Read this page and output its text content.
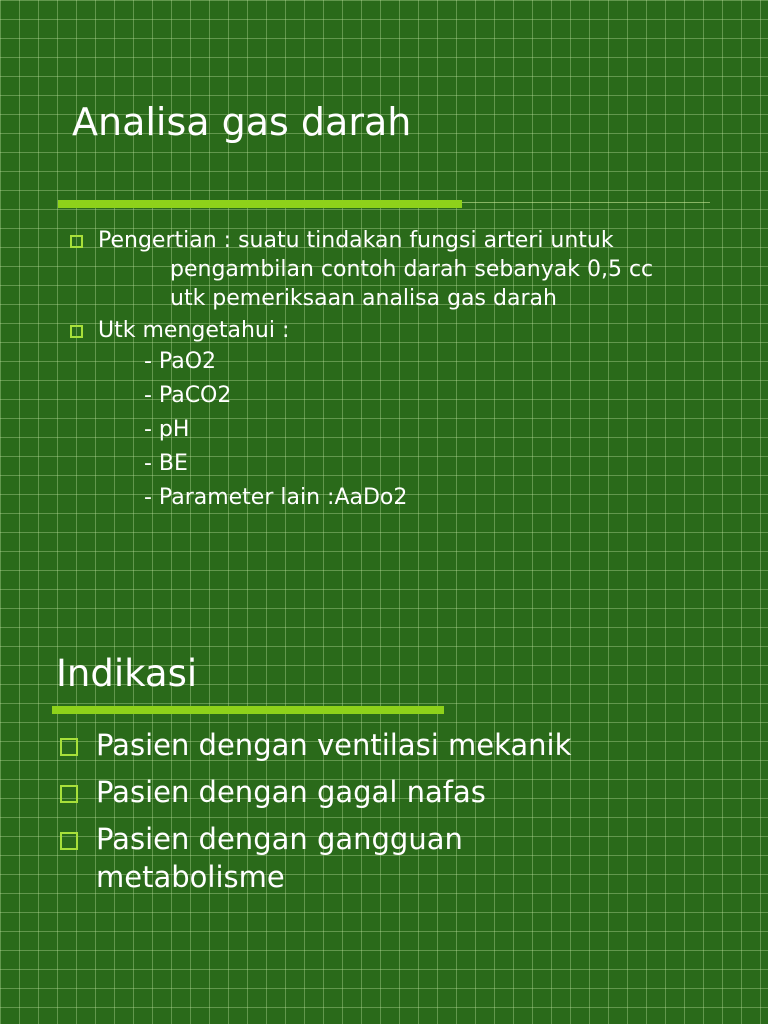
Analisa gas darah
Pengertian : suatu tindakan fungsi arteri untuk
pengambilan contoh darah sebanyak 0,5 cc
utk pemeriksaan analisa gas darah
Utk mengetahui :
- PaO2
- PaCO2
- pH
- BE
- Parameter lain :AaDo2
Indikasi
Pasien dengan ventilasi mekanik
Pasien dengan gagal nafas
Pasien dengan gangguan
metabolisme
